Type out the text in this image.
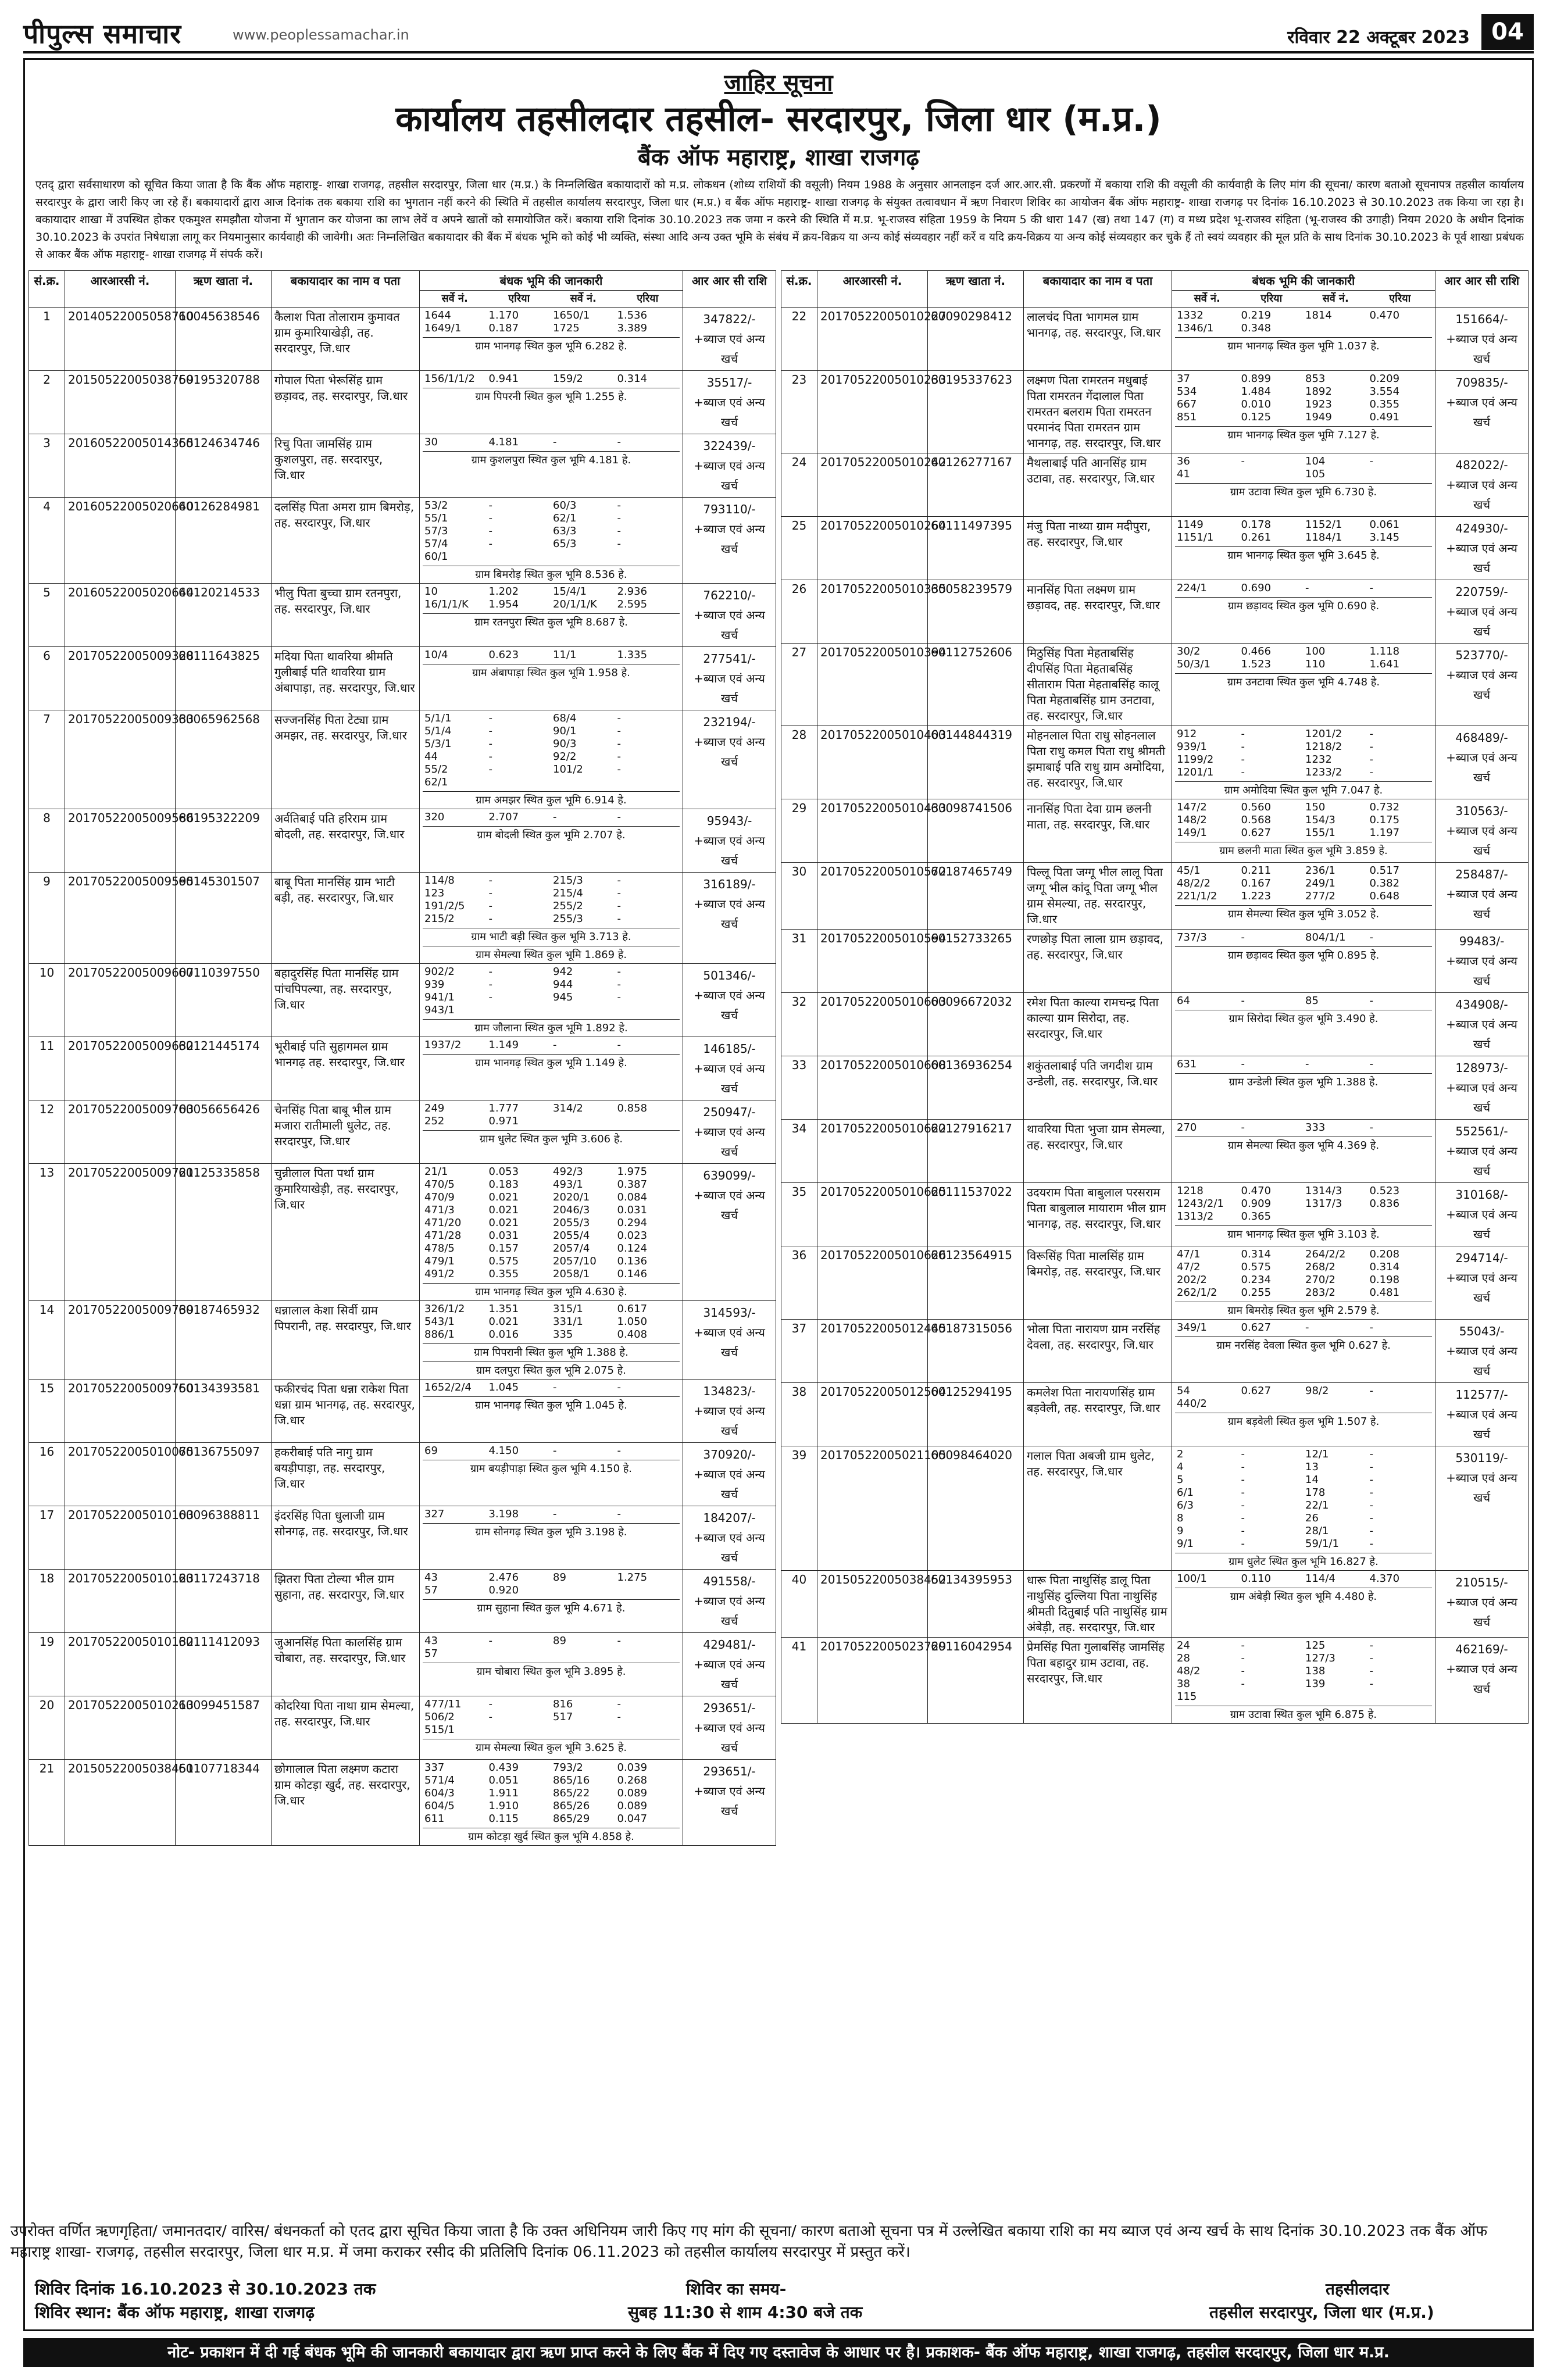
पीपुल्स समाचार	www.peoplessamachar.in	रविवार 22 अक्टूबर 2023 04
जाहिर सूचना
कार्यालय तहसीलदार तहसील- सरदारपुर, जिला धार (म.प्र.)
बैंक ऑफ महाराष्ट्र, शाखा राजगढ़
एतद् द्वारा सर्वसाधारण को सूचित किया जाता है कि बैंक ऑफ महाराष्ट्र- शाखा राजगढ़, तहसील सरदारपुर, जिला धार (म.प्र.) के निम्नलिखित बकायादारों को म.प्र. लोकधन (शोध्य राशियों की वसूली) नियम 1988 के अनुसार आनलाइन दर्ज आर.आर.सी. प्रकरणों में बकाया राशि की वसूली की कार्यवाही के लिए मांग की सूचना/ कारण बताओ सूचनापत्र तहसील कार्यालय सरदारपुर के द्वारा जारी किए जा रहे हैं। बकायादारों द्वारा आज दिनांक तक बकाया राशि का भुगतान नहीं करने की स्थिति में तहसील कार्यालय सरदारपुर, जिला धार (म.प्र.) व बैंक ऑफ महाराष्ट्र- शाखा राजगढ़ के संयुक्त तत्वावधान में ऋण निवारण शिविर का आयोजन बैंक ऑफ महाराष्ट्र- शाखा राजगढ़ पर दिनांक 16.10.2023 से 30.10.2023 तक किया जा रहा है। बकायादार शाखा में उपस्थित होकर एकमुश्त समझौता योजना में भुगतान कर योजना का लाभ लेवें व अपने खातों को समायोजित करें। बकाया राशि दिनांक 30.10.2023 तक जमा न करने की स्थिति में म.प्र. भू-राजस्व संहिता 1959 के नियम 5 की धारा 147 (ख) तथा 147 (ग) व मध्य प्रदेश भू-राजस्व संहिता (भू-राजस्व की उगाही) नियम 2020 के अधीन दिनांक 30.10.2023 के उपरांत निषेधाज्ञा लागू कर नियमानुसार कार्यवाही की जावेगी। अतः निम्नलिखित बकायादार की बैंक में बंधक भूमि को कोई भी व्यक्ति, संस्था आदि अन्य उक्त भूमि के संबंध में क्रय-विक्रय या अन्य कोई संव्यवहार नहीं करें व यदि क्रय-विक्रय या अन्य कोई संव्यवहार कर चुके हैं तो स्वयं व्यवहार की मूल प्रति के साथ दिनांक 30.10.2023 के पूर्व शाखा प्रबंधक से आकर बैंक ऑफ महाराष्ट्र- शाखा राजगढ़ में संपर्क करें।
सं.क्र.	आरआरसी नं.	ऋण खाता नं.	बकायादार का नाम व पता	बंधक भूमि की जानकारी	आर आर सी राशि

सर्वे नं.	एरिया	सर्वे नं.	एरिया

1	20140522005058710	60045638546	कैलाश पिता तोलाराम कुमावत ग्राम कुमारियाखेड़ी, तह. सरदारपुर, जि.धार	
1644	1.170	1650/1	1.536
1649/1	0.187	1725	3.389
ग्राम भानगढ़ स्थित कुल भूमि 6.282 हे.

347822/-
+ब्याज एवं अन्य खर्च

2	20150522005038759	60195320788	गोपाल पिता भेरूसिंह ग्राम छड़ावद, तह. सरदारपुर, जि.धार	
156/1/1/2	0.941	159/2	0.314
ग्राम पिपरनी स्थित कुल भूमि 1.255 हे.

35517/-
+ब्याज एवं अन्य खर्च

3	20160522005014355	60124634746	रिचु पिता जामसिंह ग्राम कुशलपुरा, तह. सरदारपुर, जि.धार	
30	4.181	-	-
ग्राम कुशलपुरा स्थित कुल भूमि 4.181 हे.

322439/-
+ब्याज एवं अन्य खर्च

4	20160522005020640	60126284981	दलसिंह पिता अमरा ग्राम बिमरोड़, तह. सरदारपुर, जि.धार	
53/2	-	60/3	-
55/1	-	62/1	-
57/3	-	63/3	-
57/4	-	65/3	-
60/1			
ग्राम बिमरोड़ स्थित कुल भूमि 8.536 हे.

793110/-
+ब्याज एवं अन्य खर्च

5	20160522005020644	60120214533	भीलु पिता बुच्चा ग्राम रतनपुरा, तह. सरदारपुर, जि.धार	
10	1.202	15/4/1	2.936
16/1/1/K	1.954	20/1/1/K	2.595
ग्राम रतनपुरा स्थित कुल भूमि 8.687 हे.

762210/-
+ब्याज एवं अन्य खर्च

6	20170522005009328	60111643825	मदिया पिता थावरिया श्रीमति गुलीबाई पति थावरिया ग्राम अंबापाड़ा, तह. सरदारपुर, जि.धार	
10/4	0.623	11/1	1.335
ग्राम अंबापाड़ा स्थित कुल भूमि 1.958 हे.

277541/-
+ब्याज एवं अन्य खर्च

7	20170522005009333	60065962568	सज्जनसिंह पिता टेट्या ग्राम अमझर, तह. सरदारपुर, जि.धार	
5/1/1	-	68/4	-
5/1/4	-	90/1	-
5/3/1	-	90/3	-
44	-	92/2	-
55/2	-	101/2	-
62/1			
ग्राम अमझर स्थित कुल भूमि 6.914 हे.

232194/-
+ब्याज एवं अन्य खर्च

8	20170522005009586	60195322209	अर्वतिबाई पति हरिराम ग्राम बोदली, तह. सरदारपुर, जि.धार	
320	2.707	-	-
ग्राम बोदली स्थित कुल भूमि 2.707 हे.

95943/-
+ब्याज एवं अन्य खर्च

9	20170522005009595	60145301507	बाबू पिता मानसिंह ग्राम भाटी बड़ी, तह. सरदारपुर, जि.धार	
114/8	-	215/3	-
123	-	215/4	-
191/2/5	-	255/2	-
215/2	-	255/3	-
ग्राम भाटी बड़ी स्थित कुल भूमि 3.713 हे.
ग्राम सेमल्या स्थित कुल भूमि 1.869 हे.

316189/-
+ब्याज एवं अन्य खर्च

10	20170522005009607	60110397550	बहादुरसिंह पिता मानसिंह ग्राम पांचपिपल्या, तह. सरदारपुर, जि.धार	
902/2	-	942	-
939	-	944	-
941/1	-	945	-
943/1			
ग्राम जौलाना स्थित कुल भूमि 1.892 हे.

501346/-
+ब्याज एवं अन्य खर्च

11	20170522005009632	60121445174	भूरीबाई पति सुहागमल ग्राम भानगढ़ तह. सरदारपुर, जि.धार	
1937/2	1.149	-	-
ग्राम भानगढ़ स्थित कुल भूमि 1.149 हे.

146185/-
+ब्याज एवं अन्य खर्च

12	20170522005009703	60056656426	चेनसिंह पिता बाबू भील ग्राम मजारा रातीमाली धुलेट, तह. सरदारपुर, जि.धार	
249	1.777	314/2	0.858
252	0.971		
ग्राम धुलेट स्थित कुल भूमि 3.606 हे.

250947/-
+ब्याज एवं अन्य खर्च

13	20170522005009721	60125335858	चुन्नीलाल पिता पर्था ग्राम कुमारियाखेड़ी, तह. सरदारपुर, जि.धार	
21/1	0.053	492/3	1.975
470/5	0.183	493/1	0.387
470/9	0.021	2020/1	0.084
471/3	0.021	2046/3	0.031
471/20	0.021	2055/3	0.294
471/28	0.031	2055/4	0.023
478/5	0.157	2057/4	0.124
479/1	0.575	2057/10	0.136
491/2	0.355	2058/1	0.146
ग्राम भानगढ़ स्थित कुल भूमि 4.630 हे.

639099/-
+ब्याज एवं अन्य खर्च

14	20170522005009739	60187465932	धन्नालाल केशा सिर्वी ग्राम पिपरानी, तह. सरदारपुर, जि.धार	
326/1/2	1.351	315/1	0.617
543/1	0.021	331/1	1.050
886/1	0.016	335	0.408
ग्राम पिपरानी स्थित कुल भूमि 1.388 हे.
ग्राम दलपुरा स्थित कुल भूमि 2.075 हे.

314593/-
+ब्याज एवं अन्य खर्च

15	20170522005009750	60134393581	फकीरचंद पिता धन्ना राकेश पिता धन्ना ग्राम भानगढ़, तह. सरदारपुर, जि.धार	
1652/2/4	1.045	-	-
ग्राम भानगढ़ स्थित कुल भूमि 1.045 हे.

134823/-
+ब्याज एवं अन्य खर्च

16	20170522005010075	60136755097	हकरीबाई पति नागु ग्राम बयड़ीपाड़ा, तह. सरदारपुर, जि.धार	
69	4.150	-	-
ग्राम बयड़ीपाड़ा स्थित कुल भूमि 4.150 हे.

370920/-
+ब्याज एवं अन्य खर्च

17	20170522005010103	60096388811	इंदरसिंह पिता धुलाजी ग्राम सोनगढ़, तह. सरदारपुर, जि.धार	
327	3.198	-	-
ग्राम सोनगढ़ स्थित कुल भूमि 3.198 हे.

184207/-
+ब्याज एवं अन्य खर्च

18	20170522005010123	60117243718	झितरा पिता टोल्या भील ग्राम सुहाना, तह. सरदारपुर, जि.धार	
43	2.476	89	1.275
57	0.920		
ग्राम सुहाना स्थित कुल भूमि 4.671 हे.

491558/-
+ब्याज एवं अन्य खर्च

19	20170522005010132	60111412093	जुआनसिंह पिता कालसिंह ग्राम चोबारा, तह. सरदारपुर, जि.धार	
43	-	89	-
57			
ग्राम चोबारा स्थित कुल भूमि 3.895 हे.

429481/-
+ब्याज एवं अन्य खर्च

20	20170522005010213	60099451587	कोदरिया पिता नाथा ग्राम सेमल्या, तह. सरदारपुर, जि.धार	
477/11	-	816	-
506/2	-	517	-
515/1			
ग्राम सेमल्या स्थित कुल भूमि 3.625 हे.

293651/-
+ब्याज एवं अन्य खर्च

21	20150522005038451	60107718344	छोगालाल पिता लक्ष्मण कटारा ग्राम कोटड़ा खुर्द, तह. सरदारपुर, जि.धार	
337	0.439	793/2	0.039
571/4	0.051	865/16	0.268
604/3	1.911	865/22	0.089
604/5	1.910	865/26	0.089
611	0.115	865/29	0.047
ग्राम कोटड़ा खुर्द स्थित कुल भूमि 4.858 हे.

293651/-
+ब्याज एवं अन्य खर्च
सं.क्र.	आरआरसी नं.	ऋण खाता नं.	बकायादार का नाम व पता	बंधक भूमि की जानकारी	आर आर सी राशि

सर्वे नं.	एरिया	सर्वे नं.	एरिया

22	20170522005010227	60090298412	लालचंद पिता भागमल ग्राम भानगढ़, तह. सरदारपुर, जि.धार	
1332	0.219	1814	0.470
1346/1	0.348		
ग्राम भानगढ़ स्थित कुल भूमि 1.037 हे.

151664/-
+ब्याज एवं अन्य खर्च

23	20170522005010233	60195337623	लक्ष्मण पिता रामरतन मधुबाई पिता रामरतन गेंदालाल पिता रामरतन बलराम पिता रामरतन परमानंद पिता रामरतन ग्राम भानगढ़, तह. सरदारपुर, जि.धार	
37	0.899	853	0.209
534	1.484	1892	3.554
667	0.010	1923	0.355
851	0.125	1949	0.491
ग्राम भानगढ़ स्थित कुल भूमि 7.127 हे.

709835/-
+ब्याज एवं अन्य खर्च

24	20170522005010242	60126277167	मैथलाबाई पति आनसिंह ग्राम उटावा, तह. सरदारपुर, जि.धार	
36	-	104	-
41		105	
ग्राम उटावा स्थित कुल भूमि 6.730 हे.

482022/-
+ब्याज एवं अन्य खर्च

25	20170522005010264	60111497395	मंजु पिता नाथ्या ग्राम मदीपुरा, तह. सरदारपुर, जि.धार	
1149	0.178	1152/1	0.061
1151/1	0.261	1184/1	3.145
ग्राम भानगढ़ स्थित कुल भूमि 3.645 हे.

424930/-
+ब्याज एवं अन्य खर्च

26	20170522005010335	60058239579	मानसिंह पिता लक्ष्मण ग्राम छड़ावद, तह. सरदारपुर, जि.धार	
224/1	0.690	-	-
ग्राम छड़ावद स्थित कुल भूमि 0.690 हे.

220759/-
+ब्याज एवं अन्य खर्च

27	20170522005010394	60112752606	मिठुसिंह पिता मेहताबसिंह दीपसिंह पिता मेहताबसिंह सीताराम पिता मेहताबसिंह कालू पिता मेहताबसिंह ग्राम उनटावा, तह. सरदारपुर, जि.धार	
30/2	0.466	100	1.118
50/3/1	1.523	110	1.641
ग्राम उनटावा स्थित कुल भूमि 4.748 हे.

523770/-
+ब्याज एवं अन्य खर्च

28	20170522005010403	60144844319	मोहनलाल पिता राधु सोहनलाल पिता राधु कमल पिता राधु श्रीमती झमाबाई पति राधु ग्राम अमोदिया, तह. सरदारपुर, जि.धार	
912	-	1201/2	-
939/1	-	1218/2	-
1199/2	-	1232	-
1201/1	-	1233/2	-
ग्राम अमोदिया स्थित कुल भूमि 7.047 हे.

468489/-
+ब्याज एवं अन्य खर्च

29	20170522005010433	60098741506	नानसिंह पिता देवा ग्राम छलनी माता, तह. सरदारपुर, जि.धार	
147/2	0.560	150	0.732
148/2	0.568	154/3	0.175
149/1	0.627	155/1	1.197
ग्राम छलनी माता स्थित कुल भूमि 3.859 हे.

310563/-
+ब्याज एवं अन्य खर्च

30	20170522005010572	60187465749	पिल्लू पिता जग्गू भील लालू पिता जग्गू भील कांदू पिता जग्गू भील ग्राम सेमल्या, तह. सरदारपुर, जि.धार	
45/1	0.211	236/1	0.517
48/2/2	0.167	249/1	0.382
221/1/2	1.223	277/2	0.648
ग्राम सेमल्या स्थित कुल भूमि 3.052 हे.

258487/-
+ब्याज एवं अन्य खर्च

31	20170522005010594	60152733265	रणछोड़ पिता लाला ग्राम छड़ावद, तह. सरदारपुर, जि.धार	
737/3	-	804/1/1	-
ग्राम छड़ावद स्थित कुल भूमि 0.895 हे.

99483/-
+ब्याज एवं अन्य खर्च

32	20170522005010603	60096672032	रमेश पिता काल्या रामचन्द्र पिता काल्या ग्राम सिरोदा, तह. सरदारपुर, जि.धार	
64	-	85	-
ग्राम सिरोदा स्थित कुल भूमि 3.490 हे.

434908/-
+ब्याज एवं अन्य खर्च

33	20170522005010608	60136936254	शकुंतलाबाई पति जगदीश ग्राम उन्डेली, तह. सरदारपुर, जि.धार	
631	-	-	-
ग्राम उन्डेली स्थित कुल भूमि 1.388 हे.

128973/-
+ब्याज एवं अन्य खर्च

34	20170522005010622	60127916217	थावरिया पिता भुजा ग्राम सेमल्या, तह. सरदारपुर, जि.धार	
270	-	333	-
ग्राम सेमल्या स्थित कुल भूमि 4.369 हे.

552561/-
+ब्याज एवं अन्य खर्च

35	20170522005010625	60111537022	उदयराम पिता बाबुलाल परसराम पिता बाबुलाल मायाराम भील ग्राम भानगढ़, तह. सरदारपुर, जि.धार	
1218	0.470	1314/3	0.523
1243/2/1	0.909	1317/3	0.836
1313/2	0.365		
ग्राम भानगढ़ स्थित कुल भूमि 3.103 हे.

310168/-
+ब्याज एवं अन्य खर्च

36	20170522005010626	60123564915	विरूसिंह पिता मालसिंह ग्राम बिमरोड़, तह. सरदारपुर, जि.धार	
47/1	0.314	264/2/2	0.208
47/2	0.575	268/2	0.314
202/2	0.234	270/2	0.198
262/1/2	0.255	283/2	0.481
ग्राम बिमरोड़ स्थित कुल भूमि 2.579 हे.

294714/-
+ब्याज एवं अन्य खर्च

37	20170522005012445	60187315056	भोला पिता नारायण ग्राम नरसिंह देवला, तह. सरदारपुर, जि.धार	
349/1	0.627	-	-
ग्राम नरसिंह देवला स्थित कुल भूमि 0.627 हे.

55043/-
+ब्याज एवं अन्य खर्च

38	20170522005012504	60125294195	कमलेश पिता नारायणसिंह ग्राम बड़वेली, तह. सरदारपुर, जि.धार	
54	0.627	98/2	-
440/2			
ग्राम बड़वेली स्थित कुल भूमि 1.507 हे.

112577/-
+ब्याज एवं अन्य खर्च

39	20170522005021105	60098464020	गलाल पिता अबजी ग्राम धुलेट, तह. सरदारपुर, जि.धार	
2	-	12/1	-
4	-	13	-
5	-	14	-
6/1	-	178	-
6/3	-	22/1	-
8	-	26	-
9	-	28/1	-
9/1	-	59/1/1	-
ग्राम धुलेट स्थित कुल भूमि 16.827 हे.

530119/-
+ब्याज एवं अन्य खर्च

40	20150522005038452	60134395953	धारू पिता नाथुसिंह डालू पिता नाथुसिंह दुल्लिया पिता नाथुसिंह श्रीमती दितुबाई पति नाथुसिंह ग्राम अंबेड़ी, तह. सरदारपुर, जि.धार	
100/1	0.110	114/4	4.370
ग्राम अंबेड़ी स्थित कुल भूमि 4.480 हे.

210515/-
+ब्याज एवं अन्य खर्च

41	20170522005023729	60116042954	प्रेमसिंह पिता गुलाबसिंह जामसिंह पिता बहादुर ग्राम उटावा, तह. सरदारपुर, जि.धार	
24	-	125	-
28	-	127/3	-
48/2	-	138	-
38	-	139	-
115			
ग्राम उटावा स्थित कुल भूमि 6.875 हे.

462169/-
+ब्याज एवं अन्य खर्च
उपरोक्त वर्णित ऋणगृहिता/ जमानतदार/ वारिस/ बंधनकर्ता को एतद द्वारा सूचित किया जाता है कि उक्त अधिनियम जारी किए गए मांग की सूचना/ कारण बताओ सूचना पत्र में उल्लेखित बकाया राशि का मय ब्याज एवं अन्य खर्च के साथ दिनांक 30.10.2023 तक बैंक ऑफ महाराष्ट्र शाखा- राजगढ़, तहसील सरदारपुर, जिला धार म.प्र. में जमा कराकर रसीद की प्रतिलिपि दिनांक 06.11.2023 को तहसील कार्यालय सरदारपुर में प्रस्तुत करें।
शिविर दिनांक 16.10.2023 से 30.10.2023 तक
शिविर स्थान: बैंक ऑफ महाराष्ट्र, शाखा राजगढ़
शिविर का समय-
सुबह 11:30 से शाम 4:30 बजे तक
तहसीलदार
तहसील सरदारपुर, जिला धार (म.प्र.)
नोट- प्रकाशन में दी गई बंधक भूमि की जानकारी बकायादार द्वारा ऋण प्राप्त करने के लिए बैंक में दिए गए दस्तावेज के आधार पर है। प्रकाशक- बैंक ऑफ महाराष्ट्र, शाखा राजगढ़, तहसील सरदारपुर, जिला धार म.प्र.
